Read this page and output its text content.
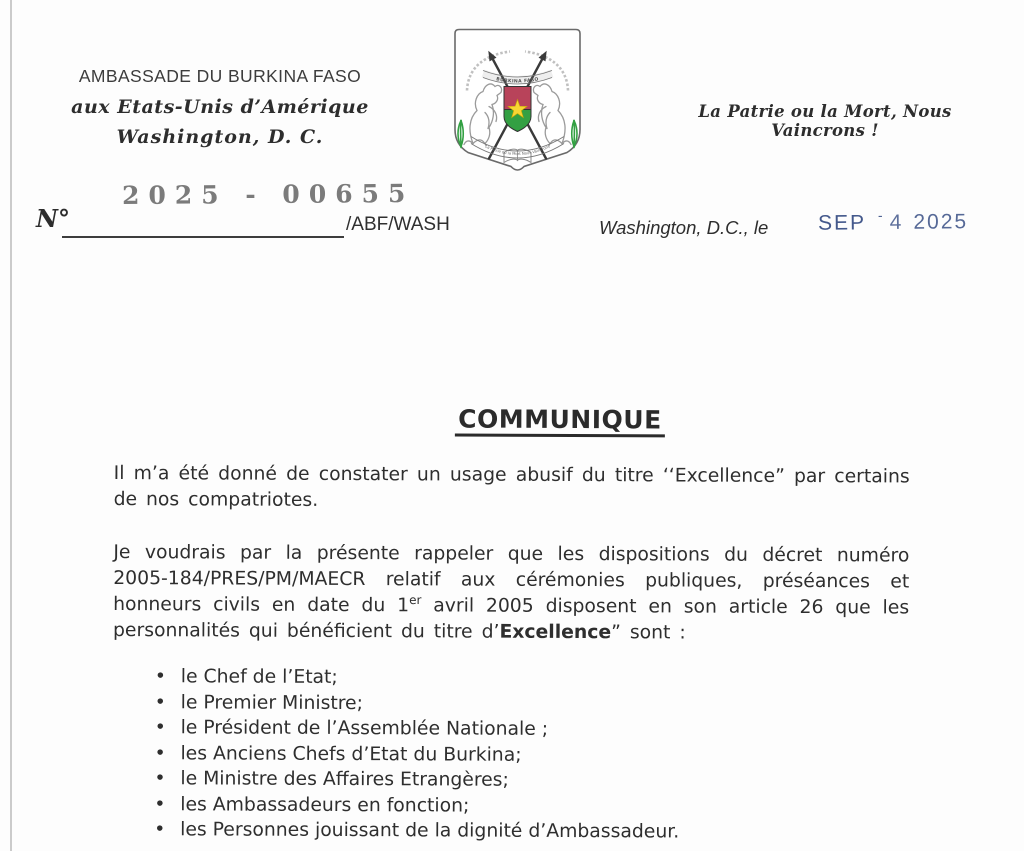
AMBASSADE DU BURKINA FASO
aux Etats-Unis d’Amérique
Washington, D. C.
BURKINA FASO
La Patrie ou la Mort Nous Vaincrons
La Patrie ou la Mort, Nous Vaincrons !
2025 - 00655
N°	/ABF/WASH	Washington, D.C., le SEP - 4 2025
COMMUNIQUE

Il m’a été donné de constater un usage abusif du titre ‘‘Excellence” par certains de nos compatriotes.

Je voudrais par la présente rappeler que les dispositions du décret numéro 2005-184/PRES/PM/MAECR relatif aux cérémonies publiques, préséances et honneurs civils en date du 1er avril 2005 disposent en son article 26 que les personnalités qui bénéficient du titre d’Excellence” sont :

• le Chef de l’Etat;
• le Premier Ministre;
• le Président de l’Assemblée Nationale ;
• les Anciens Chefs d’Etat du Burkina;
• le Ministre des Affaires Etrangères;
• les Ambassadeurs en fonction;
• les Personnes jouissant de la dignité d’Ambassadeur.
